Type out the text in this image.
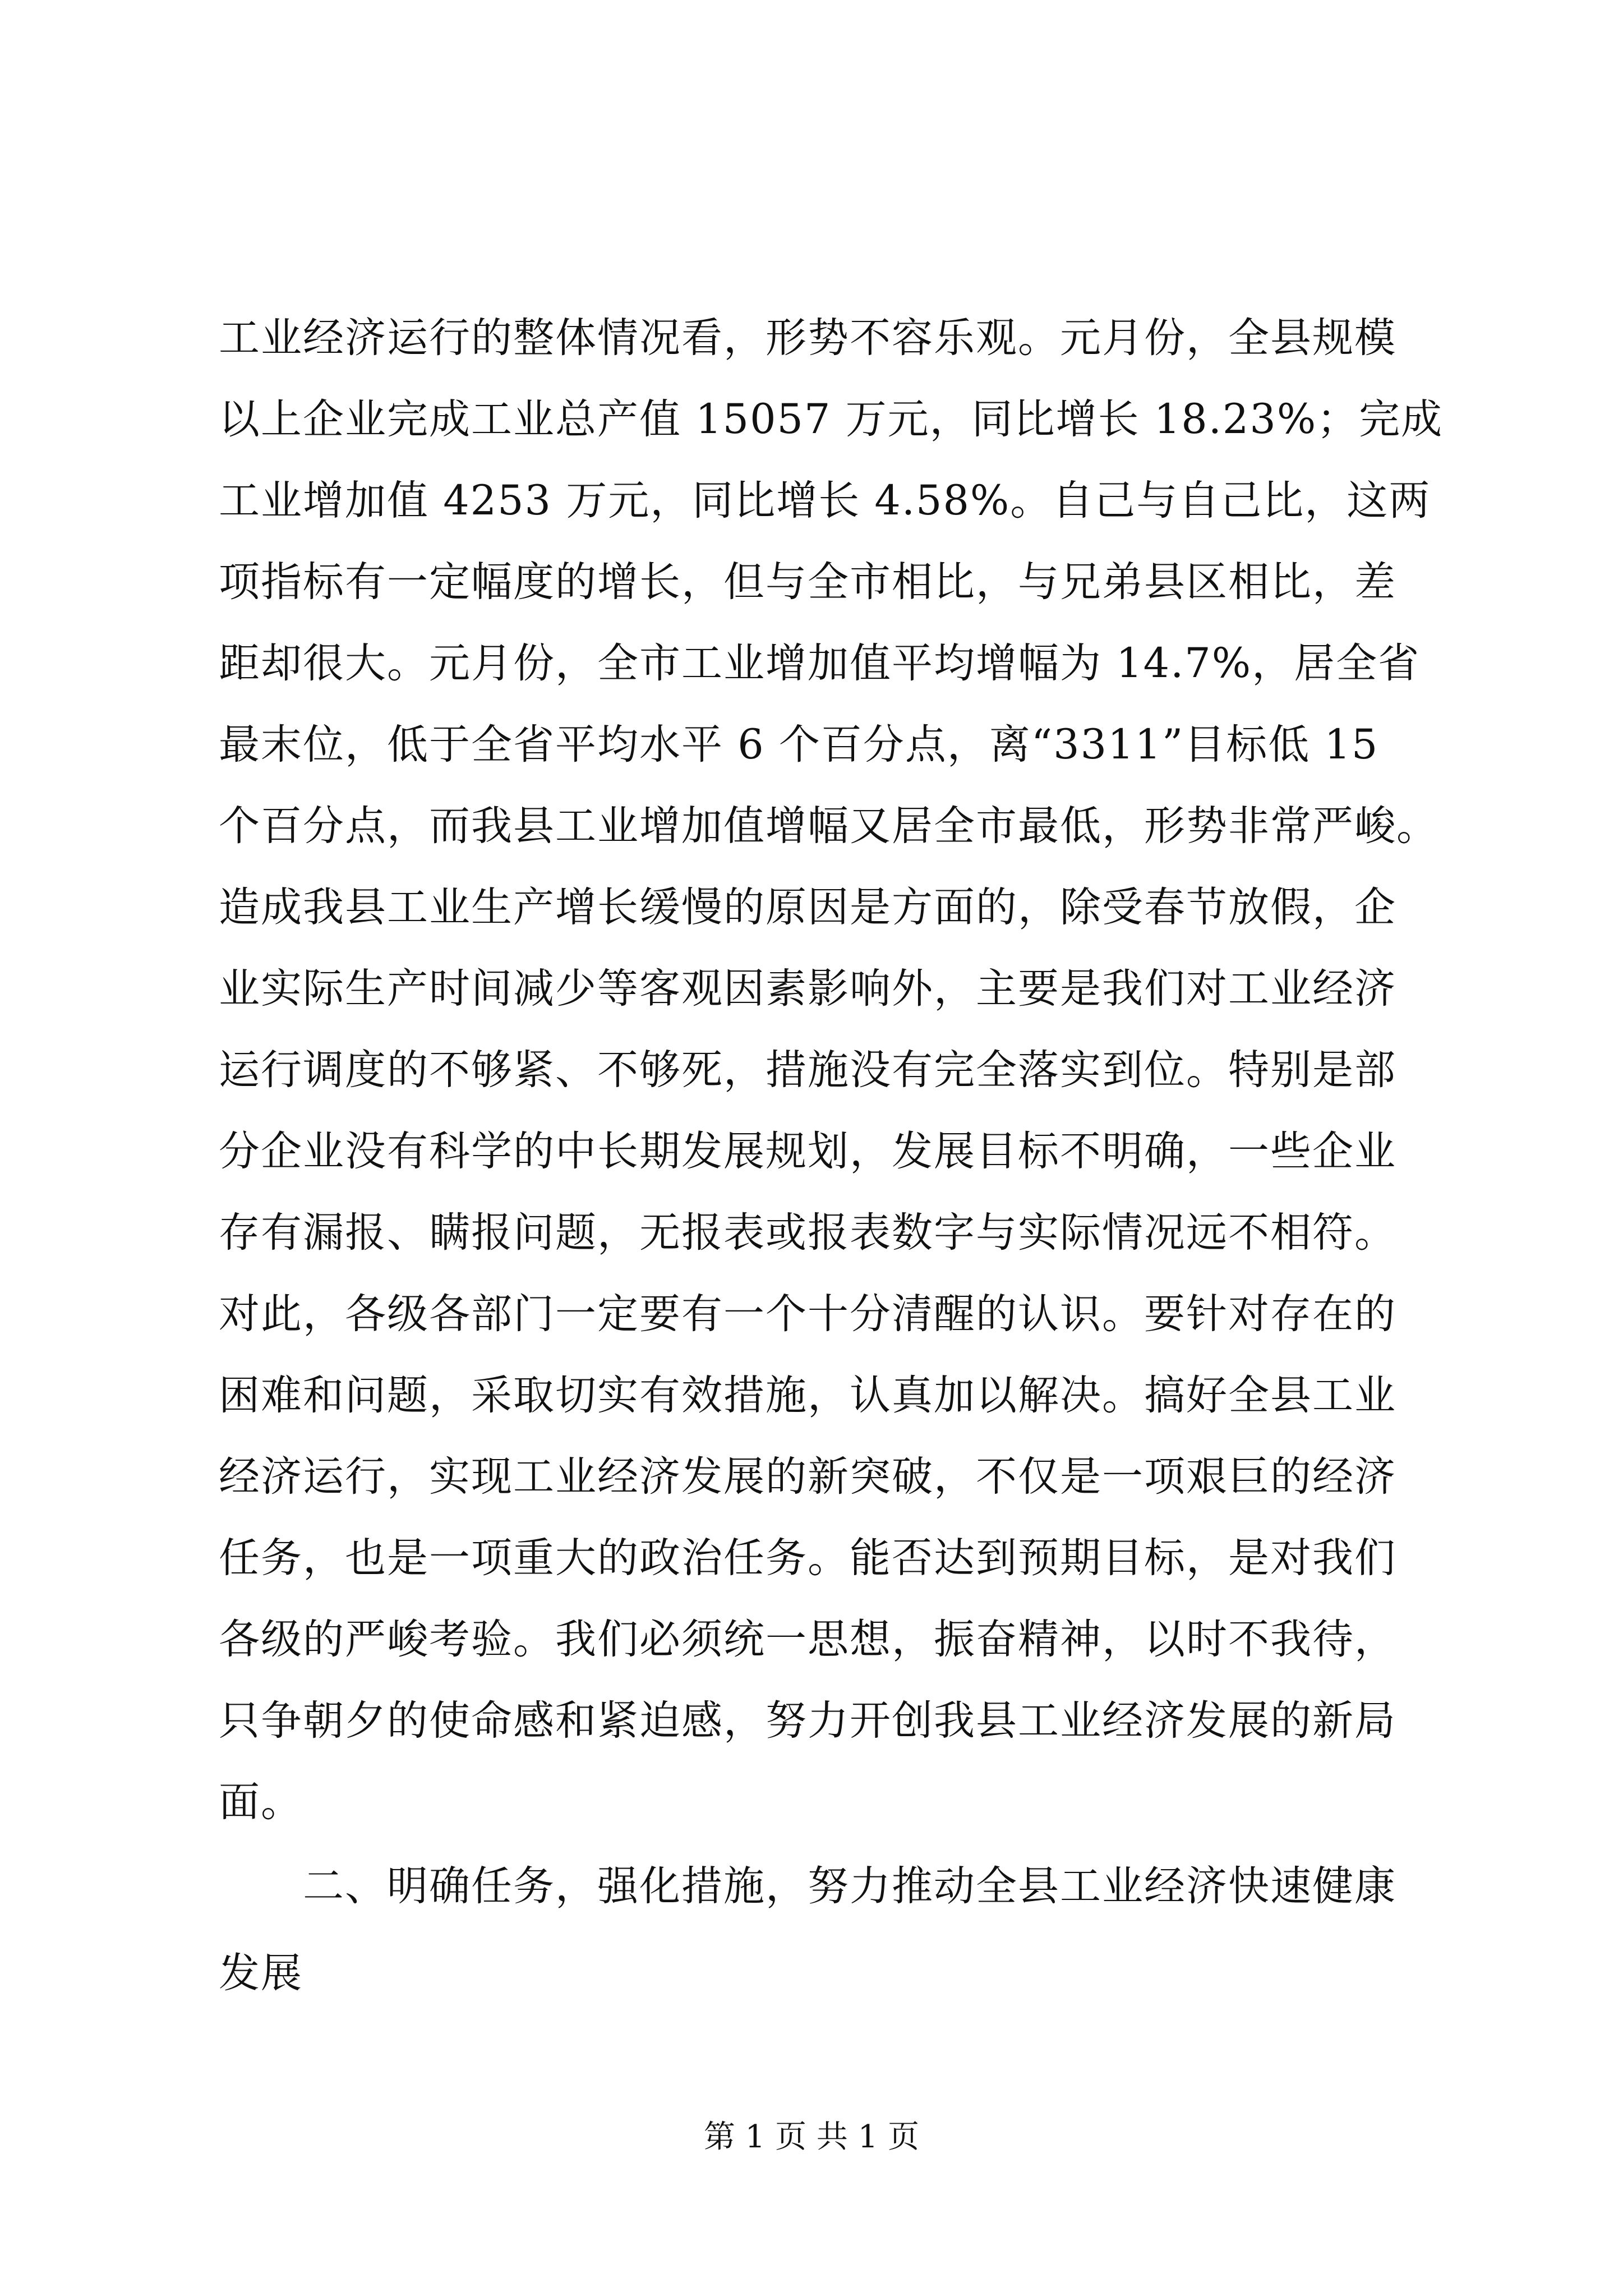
工业经济运行的整体情况看，形势不容乐观。元月份，全县规模
以上企业完成工业总产值 15057 万元，同比增长 18.23%；完成
工业增加值 4253 万元，同比增长 4.58%。自己与自己比，这两
项指标有一定幅度的增长，但与全市相比，与兄弟县区相比，差
距却很大。元月份，全市工业增加值平均增幅为 14.7%，居全省
最末位，低于全省平均水平 6 个百分点，离“3311”目标低 15
个百分点，而我县工业增加值增幅又居全市最低，形势非常严峻。
造成我县工业生产增长缓慢的原因是方面的，除受春节放假，企
业实际生产时间减少等客观因素影响外，主要是我们对工业经济
运行调度的不够紧、不够死，措施没有完全落实到位。特别是部
分企业没有科学的中长期发展规划，发展目标不明确，一些企业
存有漏报、瞒报问题，无报表或报表数字与实际情况远不相符。
对此，各级各部门一定要有一个十分清醒的认识。要针对存在的
困难和问题，采取切实有效措施，认真加以解决。搞好全县工业
经济运行，实现工业经济发展的新突破，不仅是一项艰巨的经济
任务，也是一项重大的政治任务。能否达到预期目标，是对我们
各级的严峻考验。我们必须统一思想，振奋精神，以时不我待，
只争朝夕的使命感和紧迫感，努力开创我县工业经济发展的新局
面。
二、明确任务，强化措施，努力推动全县工业经济快速健康
发展
第 1 页 共 1 页
